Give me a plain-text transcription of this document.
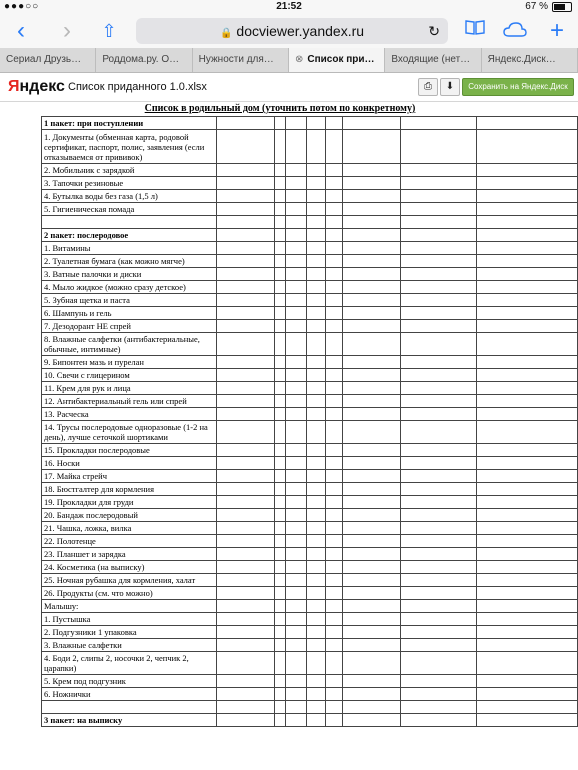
●●●○○	21:52	67 %
‹	›	⇧	🔒 docviewer.yandex.ru	↻	+
Сериал Друзь…	Роддома.ру. О…	Нужности для…	⊗ Список при…	Входящие (нет…	Яндекс.Диск…
Яндекс Список приданного 1.0.xlsx	⎙	⬇	Сохранить на Яндекс.Диск
Список в родильный дом (уточнить потом по конкретному)
1 пакет: при поступлении								
1. Документы (обменная карта, родовой сертификат, паспорт, полис, заявления (если отказываемся от прививок)								
2. Мобильник с зарядкой								
3. Тапочки резиновые								
4. Бутылка воды без газа (1,5 л)								
5. Гигиеническая помада								

2 пакет: послеродовое								
1. Витамины								
2. Туалетная бумага (как можно мягче)								
3. Ватные палочки и диски								
4. Мыло жидкое (можно сразу детское)								
5. Зубная щетка и паста								
6. Шампунь и гель								
7. Дезодорант НЕ спрей								
8. Влажные салфетки (антибактериальные, обычные, интимные)								
9. Бипонтен мазь и пурелан								
10. Свечи с глицерином								
11. Крем для рук и лица								
12. Антибактериальный гель или спрей								
13. Расческа								
14. Трусы послеродовые одноразовые (1-2 на день), лучше сеточкой шортиками								
15. Прокладки послеродовые								
16. Носки								
17. Майка стрейч								
18. Бюстгалтер для кормления								
19. Прокладки для груди								
20. Бандаж послеродовый								
21. Чашка, ложка, вилка								
22. Полотенце								
23. Планшет и зарядка								
24. Косметика (на выписку)								
25. Ночная рубашка для кормления, халат								
26. Продукты (см. что можно)								
Малышу:								
1. Пустышка								
2. Подгузники 1 упаковка								
3. Влажные салфетки								
4. Боди 2, слипы 2, носочки 2, чепчик 2, царапки)								
5. Крем под подгузник								
6. Ножнички								

3 пакет: на выписку								
